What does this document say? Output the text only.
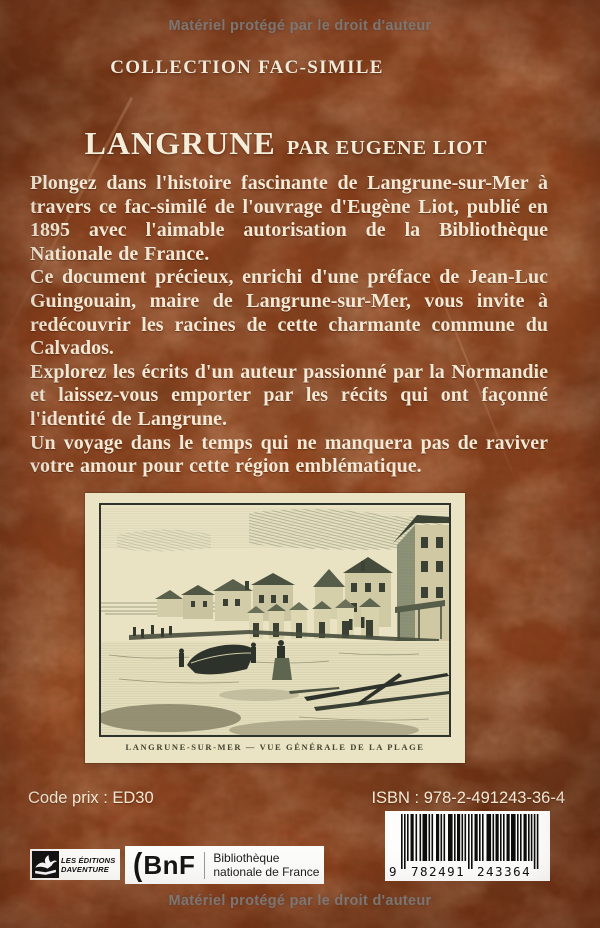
Matériel protégé par le droit d'auteur
COLLECTION FAC-SIMILE
LANGRUNE PAR EUGENE LIOT

Plongez dans l'histoire fascinante de Langrune-sur-Mer à travers ce fac-similé de l'ouvrage d'Eugène Liot, publié en 1895 avec l'aimable autorisation de la Bibliothèque Nationale de France.

Ce document précieux, enrichi d'une préface de Jean-Luc Guingouain, maire de Langrune-sur-Mer, vous invite à redécouvrir les racines de cette charmante commune du Calvados.

Explorez les écrits d'un auteur passionné par la Normandie et laissez-vous emporter par les récits qui ont façonné l'identité de Langrune.

Un voyage dans le temps qui ne manquera pas de raviver votre amour pour cette région emblématique.

LANGRUNE-SUR-MER — VUE GÉNÉRALE DE LA PLAGE
Code prix : ED30	ISBN : 978-2-491243-36-4
9 782491 243364
LES ÉDITIONS
DAVENTURE ( BnF Bibliothèque
nationale de France
Matériel protégé par le droit d'auteur
